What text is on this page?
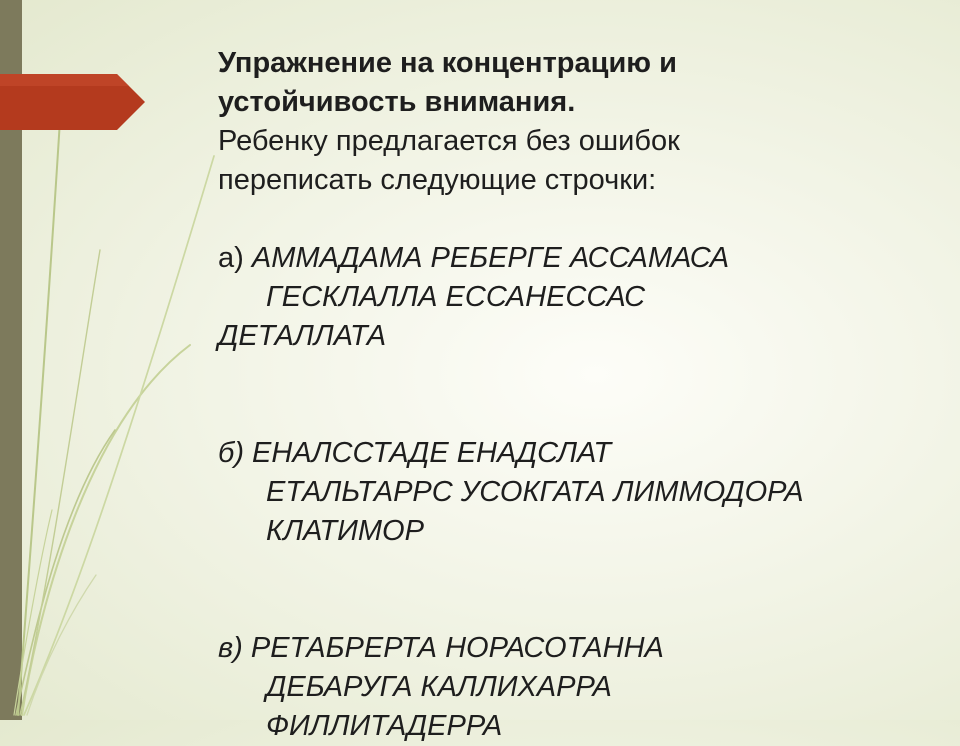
Упражнение на концентрацию и
устойчивость внимания.
Ребенку предлагается без ошибок
переписать следующие строчки:
а) АММАДАМА РЕБЕРГЕ АССАМАСА
ГЕСКЛАЛЛА ЕССАНЕССАС
ДЕТАЛЛАТА
б) ЕНАЛССТАДЕ ЕНАДСЛАТ
ЕТАЛЬТАРРС УСОКГАТА ЛИММОДОРА
КЛАТИМОР
в) РЕТАБРЕРТА НОРАСОТАННА
ДЕБАРУГА КАЛЛИХАРРА
ФИЛЛИТАДЕРРА
